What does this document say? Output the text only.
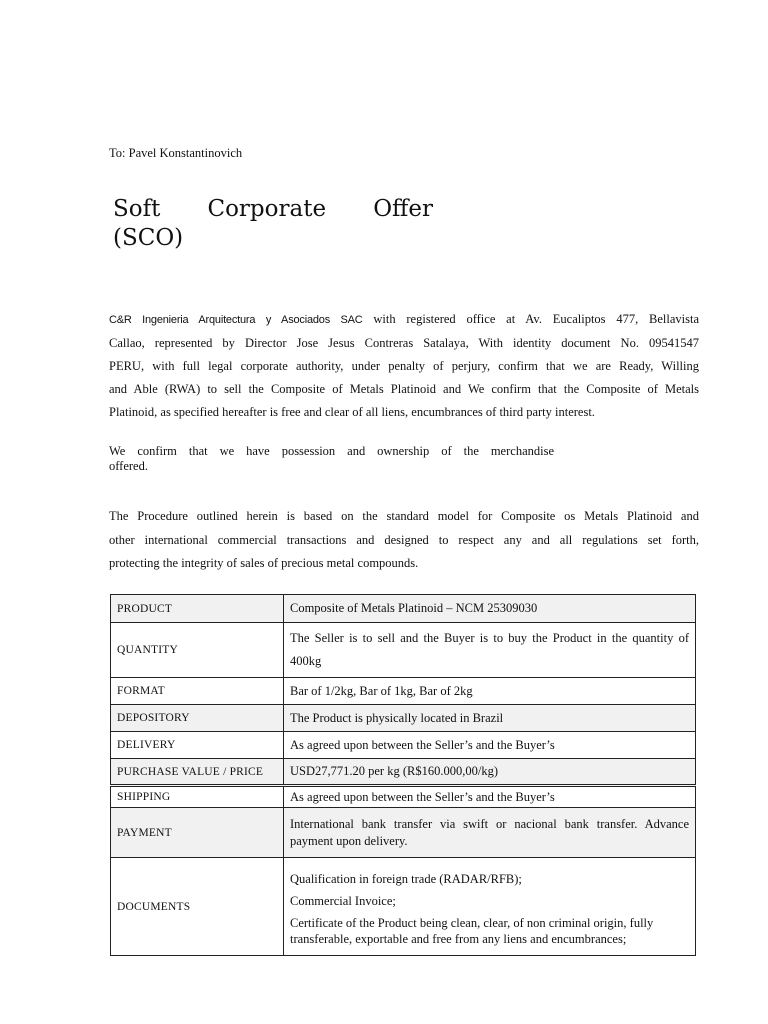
To: Pavel Konstantinovich
Soft Corporate Offer
(SCO)
C&R Ingenieria Arquitectura y Asociados SAC with registered office at Av. Eucaliptos 477, Bellavista
Callao, represented by Director Jose Jesus Contreras Satalaya, With identity document No. 09541547
PERU, with full legal corporate authority, under penalty of perjury, confirm that we are Ready, Willing
and Able (RWA) to sell the Composite of Metals Platinoid and We confirm that the Composite of Metals
Platinoid, as specified hereafter is free and clear of all liens, encumbrances of third party interest.
We confirm that we have possession and ownership of the merchandise
offered.
The Procedure outlined herein is based on the standard model for Composite os Metals Platinoid and
other international commercial transactions and designed to respect any and all regulations set forth,
protecting the integrity of sales of precious metal compounds.
PRODUCT	Composite of Metals Platinoid – NCM 25309030

QUANTITY	The Seller is to sell and the Buyer is to buy the Product in the quantity of
400kg

FORMAT	Bar of 1/2kg, Bar of 1kg, Bar of 2kg

DEPOSITORY	The Product is physically located in Brazil

DELIVERY	As agreed upon between the Seller’s and the Buyer’s

PURCHASE VALUE / PRICE	USD27,771.20 per kg (R$160.000,00/kg)

SHIPPING	As agreed upon between the Seller’s and the Buyer’s

PAYMENT	International bank transfer via swift or nacional bank transfer. Advance
payment upon delivery.

DOCUMENTS	Qualification in foreign trade (RADAR/RFB);
Commercial Invoice;
Certificate of the Product being clean, clear, of non criminal origin, fully transferable, exportable and free from any liens and encumbrances;
